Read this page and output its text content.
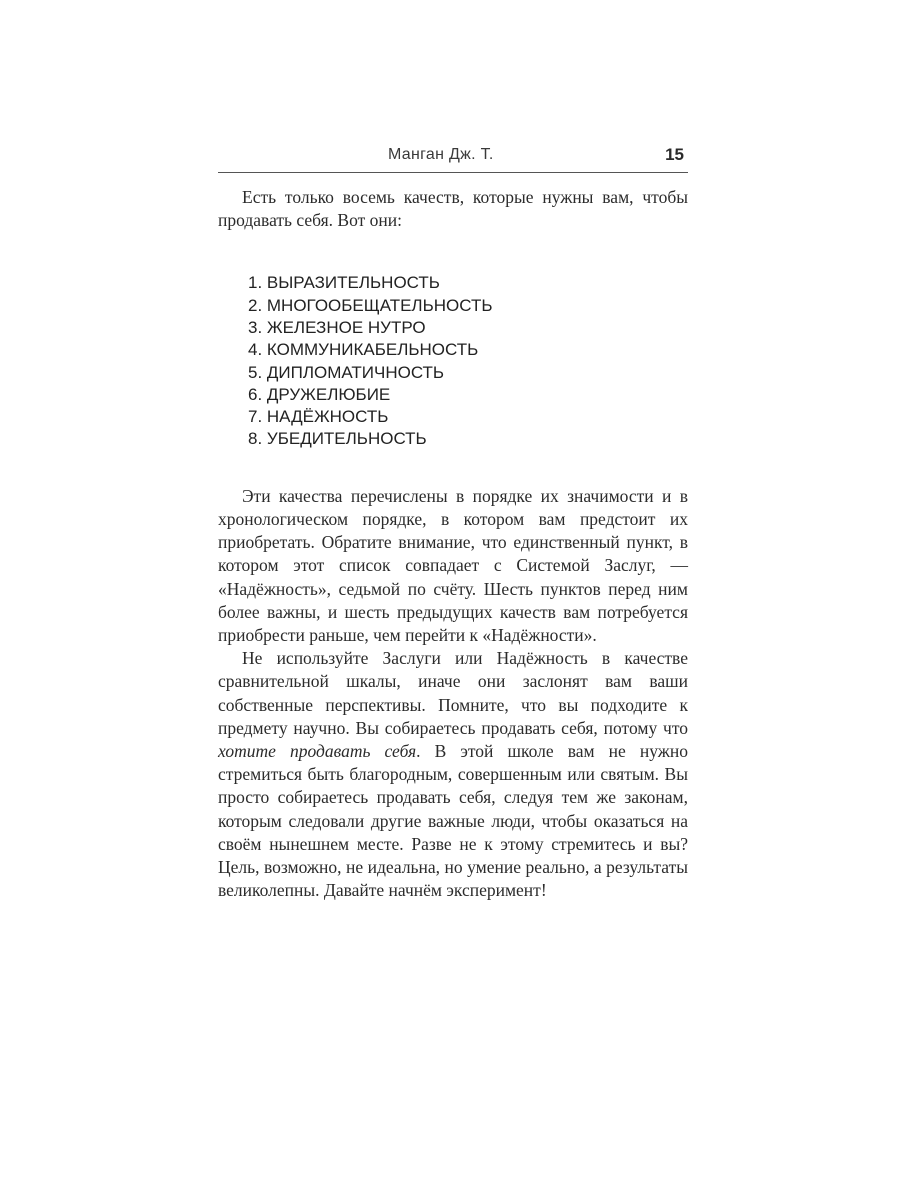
Манган Дж. Т.	15

Есть только восемь качеств, которые нужны вам, чтобы продавать себя. Вот они:

1. ВЫРАЗИТЕЛЬНОСТЬ
2. МНОГООБЕЩАТЕЛЬНОСТЬ
3. ЖЕЛЕЗНОЕ НУТРО
4. КОММУНИКАБЕЛЬНОСТЬ
5. ДИПЛОМАТИЧНОСТЬ
6. ДРУЖЕЛЮБИЕ
7. НАДЁЖНОСТЬ
8. УБЕДИТЕЛЬНОСТЬ

Эти качества перечислены в порядке их значимости и в хронологическом порядке, в котором вам предстоит их приобретать. Обратите внимание, что единственный пункт, в котором этот список совпадает с Системой Заслуг, — «Надёжность», седьмой по счёту. Шесть пунктов перед ним более важны, и шесть предыдущих качеств вам потребуется приобрести раньше, чем перейти к «Надёжности».

Не используйте Заслуги или Надёжность в качестве сравнительной шкалы, иначе они заслонят вам ваши собственные перспективы. Помните, что вы подходите к предмету научно. Вы собираетесь продавать себя, потому что хотите продавать себя. В этой школе вам не нужно стремиться быть благородным, совершенным или святым. Вы просто собираетесь продавать себя, следуя тем же законам, которым следовали другие важные люди, чтобы оказаться на своём нынешнем месте. Разве не к этому стремитесь и вы? Цель, возможно, не идеальна, но умение реально, а результаты великолепны. Давайте начнём эксперимент!
